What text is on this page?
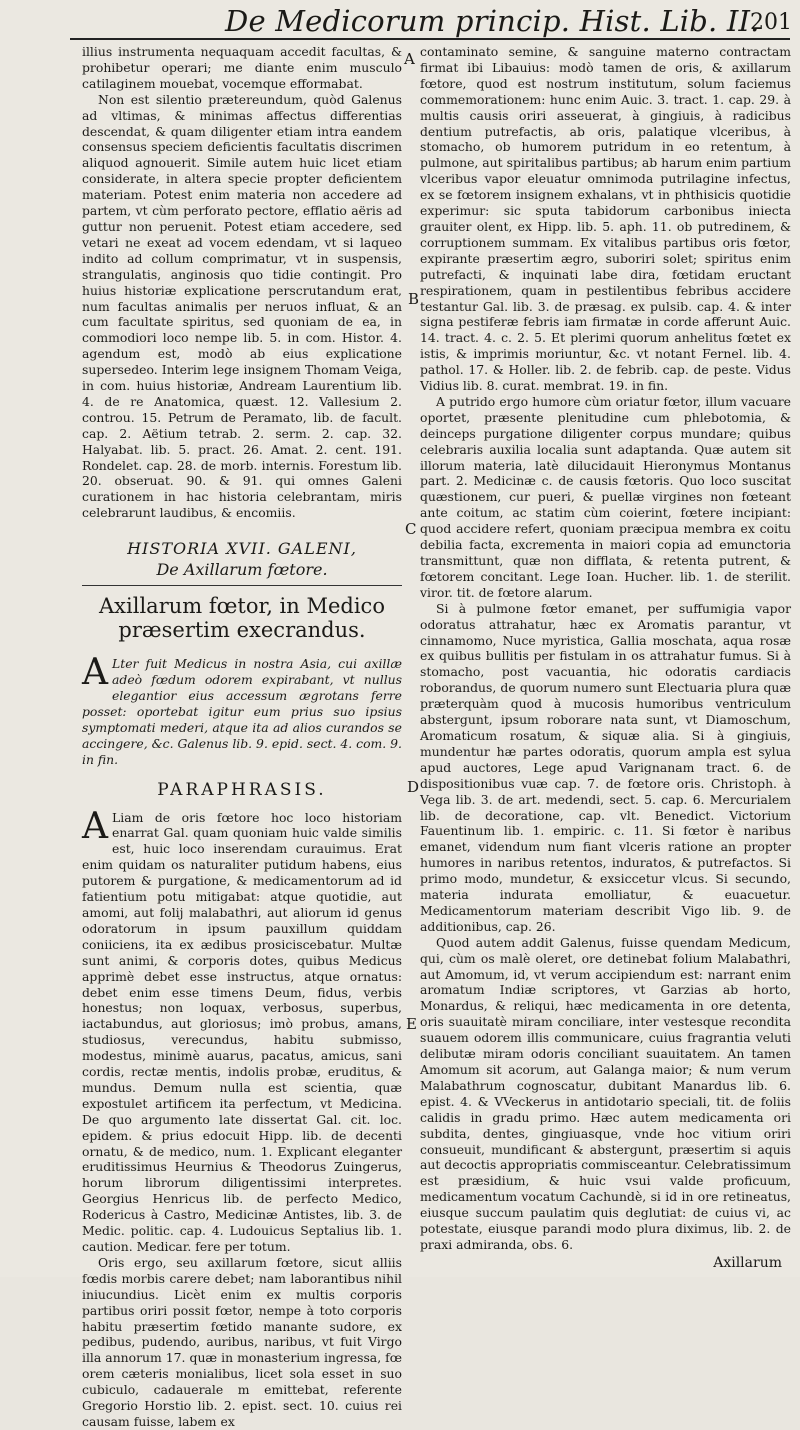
De Medicorum princip. Hist. Lib. II.
201
A
B
C
D
E

illius instrumenta nequaquam accedit facultas, & prohibetur operari; me diante enim musculo catilaginem mouebat, vocemque efformabat.

Non est silentio prætereundum, quòd Galenus ad vltimas, & minimas affectus differentias descendat, & quam diligenter etiam intra eandem consensus speciem deficientis facultatis discrimen aliquod agnouerit. Simile autem huic licet etiam considerate, in altera specie propter deficientem materiam. Potest enim materia non accedere ad partem, vt cùm perforato pectore, efflatio aëris ad guttur non peruenit. Potest etiam accedere, sed vetari ne exeat ad vocem edendam, vt si laqueo indito ad collum comprimatur, vt in suspensis, strangulatis, anginosis quo tidie contingit. Pro huius historiæ explicatione perscrutandum erat, num facultas animalis per neruos influat, & an cum facultate spiritus, sed quoniam de ea, in commodiori loco nempe lib. 5. in com. Histor. 4. agendum est, modò ab eius explicatione supersedeo. Interim lege insignem Thomam Veiga, in com. huius historiæ, Andream Laurentium lib. 4. de re Anatomica, quæst. 12. Vallesium 2. controu. 15. Petrum de Peramato, lib. de facult. cap. 2. Aëtium tetrab. 2. serm. 2. cap. 32. Halyabat. lib. 5. pract. 26. Amat. 2. cent. 191. Rondelet. cap. 28. de morb. internis. Forestum lib. 20. obseruat. 90. & 91. qui omnes Galeni curationem in hac historia celebrantam, miris celebrarunt laudibus, & encomiis.

HISTORIA XVII. GALENI,
De Axillarum fœtore.
Axillarum fœtor, in Medico præsertim execrandus.

A Lter fuit Medicus in nostra Asia, cui axillæ adeò fœdum odorem expirabant, vt nullus elegantior eius accessum ægrotans ferre posset: oportebat igitur eum prius suo ipsius symptomati mederi, atque ita ad alios curandos se accingere, &c. Galenus lib. 9. epid. sect. 4. com. 9. in fin.

PARAPHRASIS.

A Liam de oris fœtore hoc loco historiam enarrat Gal. quam quoniam huic valde similis est, huic loco inserendam curauimus. Erat enim quidam os naturaliter putidum habens, eius putorem & purgatione, & medicamentorum ad id fatientium potu mitigabat: atque quotidie, aut amomi, aut folij malabathri, aut aliorum id genus odoratorum in ipsum pauxillum quiddam coniiciens, ita ex ædibus prosiciscebatur. Multæ sunt animi, & corporis dotes, quibus Medicus apprimè debet esse instructus, atque ornatus: debet enim esse timens Deum, fidus, verbis honestus; non loquax, verbosus, superbus, iactabundus, aut gloriosus; imò probus, amans, studiosus, verecundus, habitu submisso, modestus, minimè auarus, pacatus, amicus, sani cordis, rectæ mentis, indolis probæ, eruditus, & mundus. Demum nulla est scientia, quæ expostulet artificem ita perfectum, vt Medicina. De quo argumento late dissertat Gal. cit. loc. epidem. & prius edocuit Hipp. lib. de decenti ornatu, & de medico, num. 1. Explicant eleganter eruditissimus Heurnius & Theodorus Zuingerus, horum librorum diligentissimi interpretes. Georgius Henricus lib. de perfecto Medico, Rodericus à Castro, Medicinæ Antistes, lib. 3. de Medic. politic. cap. 4. Ludouicus Septalius lib. 1. caution. Medicar. fere per totum.

Oris ergo, seu axillarum fœtore, sicut alliis fœdis morbis carere debet; nam laborantibus nihil iniucundius. Licèt enim ex multis corporis partibus oriri possit fœtor, nempe à toto corporis habitu præsertim fœtido manante sudore, ex pedibus, pudendo, auribus, naribus, vt fuit Virgo illa annorum 17. quæ in monasterium ingressa, fœ orem cæteris monialibus, licet sola esset in suo cubiculo, cadauerale m emittebat, referente Gregorio Horstio lib. 2. epist. sect. 10. cuius rei causam fuisse, labem ex

contaminato semine, & sanguine materno contractam firmat ibi Libauius: modò tamen de oris, & axillarum fœtore, quod est nostrum institutum, solum faciemus commemorationem: hunc enim Auic. 3. tract. 1. cap. 29. à multis causis oriri asseuerat, à gingiuis, à radicibus dentium putrefactis, ab oris, palatique vlceribus, à stomacho, ob humorem putridum in eo retentum, à pulmone, aut spiritalibus partibus; ab harum enim partium vlceribus vapor eleuatur omnimoda putrilagine infectus, ex se fœtorem insignem exhalans, vt in phthisicis quotidie experimur: sic sputa tabidorum carbonibus iniecta grauiter olent, ex Hipp. lib. 5. aph. 11. ob putredinem, & corruptionem summam. Ex vitalibus partibus oris fœtor, expirante præsertim ægro, suboriri solet; spiritus enim putrefacti, & inquinati labe dira, fœtidam eructant respirationem, quam in pestilentibus febribus accidere testantur Gal. lib. 3. de præsag. ex pulsib. cap. 4. & inter signa pestiferæ febris iam firmatæ in corde afferunt Auic. 14. tract. 4. c. 2. 5. Et plerimi quorum anhelitus fœtet ex istis, & imprimis moriuntur, &c. vt notant Fernel. lib. 4. pathol. 17. & Holler. lib. 2. de febrib. cap. de peste. Vidus Vidius lib. 8. curat. membrat. 19. in fin.

A putrido ergo humore cùm oriatur fœtor, illum vacuare oportet, præsente plenitudine cum phlebotomia, & deinceps purgatione diligenter corpus mundare; quibus celebraris auxilia localia sunt adaptanda. Quæ autem sit illorum materia, latè dilucidauit Hieronymus Montanus part. 2. Medicinæ c. de causis fœtoris. Quo loco suscitat quæstionem, cur pueri, & puellæ virgines non fœteant ante coitum, ac statim cùm coierint, fœtere incipiant: quod accidere refert, quoniam præcipua membra ex coitu debilia facta, excrementa in maiori copia ad emunctoria transmittunt, quæ non difflata, & retenta putrent, & fœtorem concitant. Lege Ioan. Hucher. lib. 1. de sterilit. viror. tit. de fœtore alarum.

Si à pulmone fœtor emanet, per suffumigia vapor odoratus attrahatur, hæc ex Aromatis parantur, vt cinnamomo, Nuce myristica, Gallia moschata, aqua rosæ ex quibus bullitis per fistulam in os attrahatur fumus. Si à stomacho, post vacuantia, hic odoratis cardiacis roborandus, de quorum numero sunt Electuaria plura quæ præterquàm quod à mucosis humoribus ventriculum abstergunt, ipsum roborare nata sunt, vt Diamoschum, Aromaticum rosatum, & siquæ alia. Si à gingiuis, mundentur hæ partes odoratis, quorum ampla est sylua apud auctores, Lege apud Varignanam tract. 6. de dispositionibus vuæ cap. 7. de fœtore oris. Christoph. à Vega lib. 3. de art. medendi, sect. 5. cap. 6. Mercurialem lib. de decoratione, cap. vlt. Benedict. Victorium Fauentinum lib. 1. empiric. c. 11. Si fœtor è naribus emanet, videndum num fiant vlceris ratione an propter humores in naribus retentos, induratos, & putrefactos. Si primo modo, mundetur, & exsiccetur vlcus. Si secundo, materia indurata emolliatur, & euacuetur. Medicamentorum materiam describit Vigo lib. 9. de additionibus, cap. 26.

Quod autem addit Galenus, fuisse quendam Medicum, qui, cùm os malè oleret, ore detinebat folium Malabathri, aut Amomum, id, vt verum accipiendum est: narrant enim aromatum Indiæ scriptores, vt Garzias ab horto, Monardus, & reliqui, hæc medicamenta in ore detenta, oris suauitatè miram conciliare, inter vestesque recondita suauem odorem illis communicare, cuius fragrantia veluti delibutæ miram odoris conciliant suauitatem. An tamen Amomum sit acorum, aut Galanga maior; & num verum Malabathrum cognoscatur, dubitant Manardus lib. 6. epist. 4. & VVeckerus in antidotario speciali, tit. de foliis calidis in gradu primo. Hæc autem medicamenta ori subdita, dentes, gingiuasque, vnde hoc vitium oriri consueuit, mundificant & abstergunt, præsertim si aquis aut decoctis appropriatis commisceantur. Celebratissimum est præsidium, & huic vsui valde proficuum, medicamentum vocatum Cachundè, si id in ore retineatus, eiusque succum paulatim quis deglutiat: de cuius vi, ac potestate, eiusque parandi modo plura diximus, lib. 2. de praxi admiranda, obs. 6.

Axillarum
